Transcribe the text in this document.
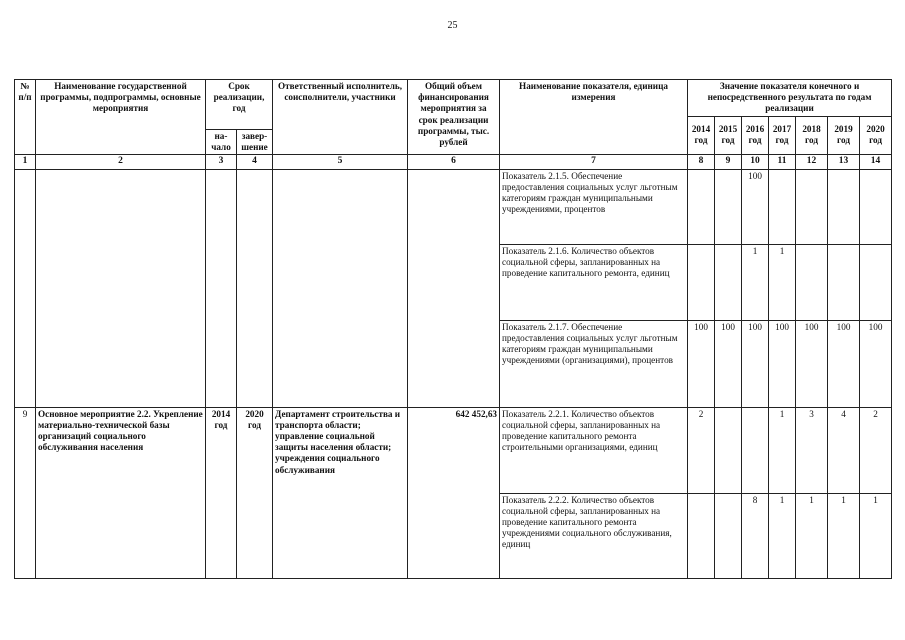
25
№ п/п	Наименование государственной программы, подпрограммы, основные мероприятия	Срок реализации, год		Ответственный исполнитель, соисполнители, участники	Общий объем финансирования мероприятия за срок реализации программы, тыс. рублей	Наименование показателя, единица измерения	Значение показателя конечного и непосредственного результата по годам реализации						
							2014 год	2015 год	2016 год	2017 год	2018 год	2019 год	2020 год
		на-чало	завер-шение										
1	2	3	4	5	6	7	8	9	10	11	12	13	14
						Показатель 2.1.5. Обеспечение предоставления социальных услуг льготным категориям граждан муниципальными учреждениями, процентов			100				
						Показатель 2.1.6. Количество объектов социальной сферы, запланированных на проведение капитального ремонта, единиц			1	1			
						Показатель 2.1.7. Обеспечение предоставления социальных услуг льготным категориям граждан муниципальными учреждениями (организациями), процентов	100	100	100	100	100	100	100
9	Основное мероприятие 2.2. Укрепление материально-технической базы организаций социального обслуживания населения	2014 год	2020 год	Департамент строительства и транспорта области; управление социальной защиты населения области; учреждения социального обслуживания	642 452,63	Показатель 2.2.1. Количество объектов социальной сферы, запланированных на проведение капитального ремонта строительными организациями, единиц	2			1	3	4	2
						Показатель 2.2.2. Количество объектов социальной сферы, запланированных на проведение капитального ремонта учреждениями социального обслуживания, единиц			8	1	1	1	1
